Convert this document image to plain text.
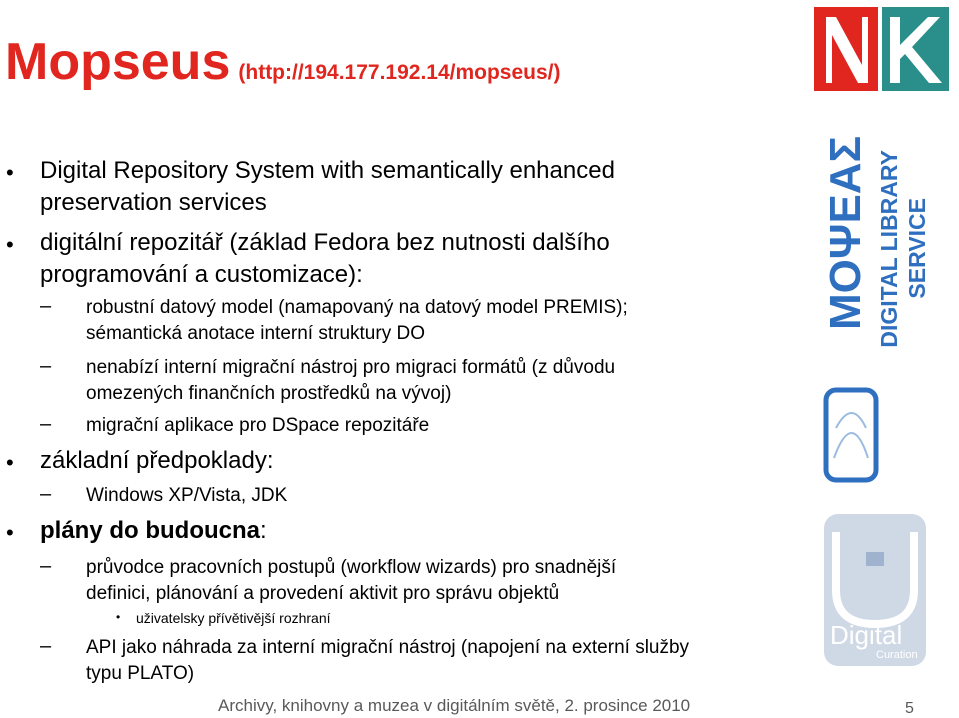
Mopseus (http://194.177.192.14/mopseus/)
• Digital Repository System with semantically enhanced
preservation services
• digitální repozitář (základ Fedora bez nutnosti dalšího
programování a customizace):
– robustní datový model (namapovaný na datový model PREMIS);
sémantická anotace interní struktury DO
– nenabízí interní migrační nástroj pro migraci formátů (z důvodu
omezených finančních prostředků na vývoj)
– migrační aplikace pro DSpace repozitáře
• základní předpoklady:
– Windows XP/Vista, JDK
• plány do budoucna:
– průvodce pracovních postupů (workflow wizards) pro snadnější
definici, plánování a provedení aktivit pro správu objektů
• uživatelsky přívětivější rozhraní
– API jako náhrada za interní migrační nástroj (napojení na externí služby
typu PLATO)
ΜΟΨΕΑΣ DIGITAL LIBRARY SERVICE
Digital
Curation
Archivy, knihovny a muzea v digitálním světě, 2. prosince 2010	5
